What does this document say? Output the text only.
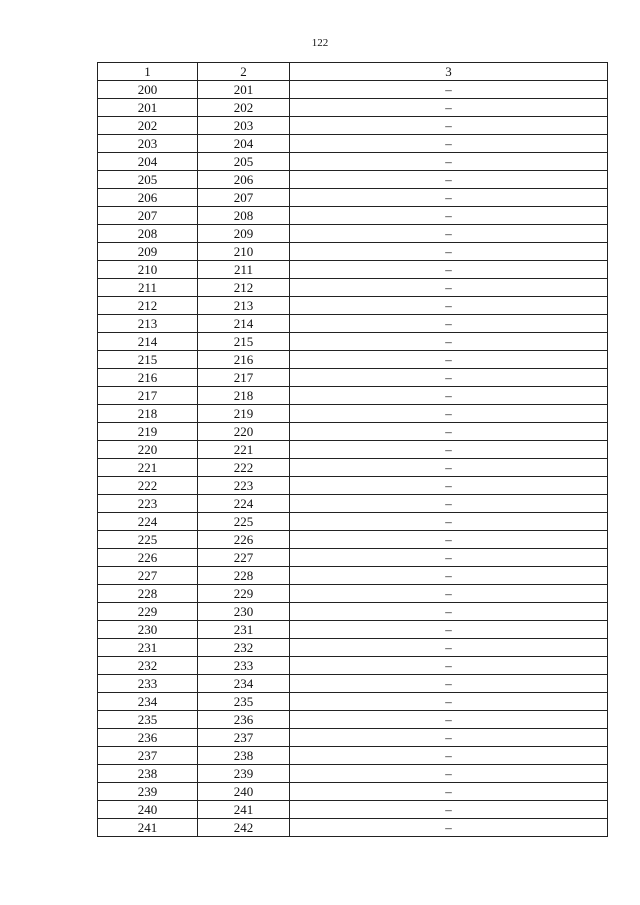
122
1	2	3
200	201	–
201	202	–
202	203	–
203	204	–
204	205	–
205	206	–
206	207	–
207	208	–
208	209	–
209	210	–
210	211	–
211	212	–
212	213	–
213	214	–
214	215	–
215	216	–
216	217	–
217	218	–
218	219	–
219	220	–
220	221	–
221	222	–
222	223	–
223	224	–
224	225	–
225	226	–
226	227	–
227	228	–
228	229	–
229	230	–
230	231	–
231	232	–
232	233	–
233	234	–
234	235	–
235	236	–
236	237	–
237	238	–
238	239	–
239	240	–
240	241	–
241	242	–
